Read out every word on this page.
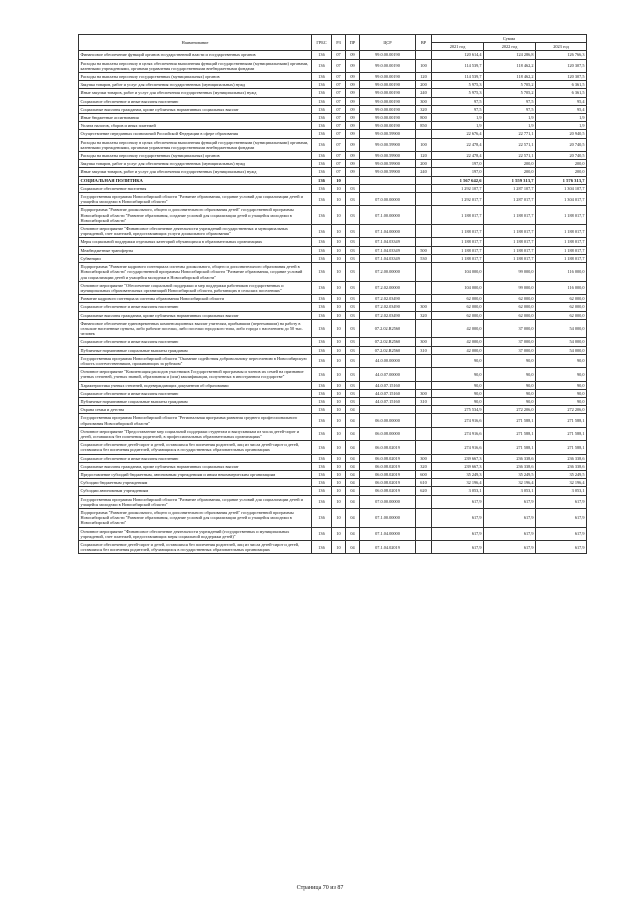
Наименование	ГРБС	РЗ	ПР	ЦСР	ВР	Сумма		
						2021 год	2022 год	2023 год
Финансовое обеспечение функций органов государственной власти и государственных органов	136	07	09	99.0.00.00190		120 614,4	124 286,8	126 766,3
Расходы на выплаты персоналу в целях обеспечения выполнения функций государственными (муниципальными) органами, казенными учреждениями, органами управления государственными внебюджетными фондами	136	07	09	99.0.00.00190	100	114 539,7	118 462,2	120 307,5
Расходы на выплаты персоналу государственных (муниципальных) органов	136	07	09	99.0.00.00190	120	114 539,7	118 462,2	120 307,5
Закупка товаров, работ и услуг для обеспечения государственных (муниципальных) нужд	136	07	09	99.0.00.00190	200	5 975,3	5 705,2	6 361,5
Иные закупки товаров, работ и услуг для обеспечения государственных (муниципальных) нужд	136	07	09	99.0.00.00190	240	5 975,3	5 705,2	6 361,5
Социальное обеспечение и иные выплаты населению	136	07	09	99.0.00.00190	300	97,5	97,5	95,4
Социальные выплаты гражданам, кроме публичных нормативных социальных выплат	136	07	09	99.0.00.00190	320	97,5	97,5	95,4
Иные бюджетные ассигнования	136	07	09	99.0.00.00190	800	1,9	1,9	1,9
Уплата налогов, сборов и иных платежей	136	07	09	99.0.00.00190	850	1,9	1,9	1,9
Осуществление переданных полномочий Российской Федерации в сфере образования	136	07	09	99.0.00.59900		22 676,4	22 771,1	20 940,5
Расходы на выплаты персоналу в целях обеспечения выполнения функций государственными (муниципальными) органами, казенными учреждениями, органами управления государственными внебюджетными фондами	136	07	09	99.0.00.59900	100	22 478,4	22 571,1	20 740,5
Расходы на выплаты персоналу государственных (муниципальных) органов	136	07	09	99.0.00.59900	120	22 478,4	22 571,1	20 740,5
Закупка товаров, работ и услуг для обеспечения государственных (муниципальных) нужд	136	07	09	99.0.00.59900	200	197,0	200,0	200,0
Иные закупки товаров, работ и услуг для обеспечения государственных (муниципальных) нужд	136	07	09	99.0.00.59900	240	197,0	200,0	200,0
СОЦИАЛЬНАЯ ПОЛИТИКА	136	10				1 567 642,6	1 559 313,7	1 576 313,7
Социальное обеспечение населения	136	10	03			1 292 107,7	1 287 107,7	1 304 107,7
Государственная программа Новосибирской области "Развитие образования, создание условий для социализации детей и учащейся молодежи в Новосибирской области"	136	10	03	07.0.00.00000		1 292 017,7	1 287 017,7	1 304 017,7
Подпрограмма "Развитие дошкольного, общего и дополнительного образования детей" государственной программы Новосибирской области "Развитие образования, создание условий для социализации детей и учащейся молодежи в Новосибирской области"	136	10	03	07.1.00.00000		1 188 017,7	1 188 017,7	1 188 017,7
Основное мероприятие "Финансовое обеспечение деятельности учреждений государственных и муниципальных учреждений, счет платежей, предоставляющих услуги дошкольного образования"	136	10	03	07.1.04.00000		1 188 017,7	1 188 017,7	1 188 017,7
Меры социальной поддержки отдельных категорий обучающихся в образовательных организациях	136	10	03	07.1.04.03349		1 188 017,7	1 188 017,7	1 188 017,7
Межбюджетные трансферты	136	10	03	07.1.04.03349	500	1 188 017,7	1 188 017,7	1 188 017,7
Субвенции	136	10	03	07.1.04.03349	530	1 188 017,7	1 188 017,7	1 188 017,7
Подпрограмма "Развитие кадрового потенциала системы дошкольного, общего и дополнительного образования детей в Новосибирской области" государственной программы Новосибирской области "Развитие образования, создание условий для социализации детей и учащейся молодежи в Новосибирской области"	136	10	03	07.2.00.00000		104 000,0	99 000,0	116 000,0
Основное мероприятие "Обеспечение социальной поддержки и мер поддержки работников государственных и муниципальных образовательных организаций Новосибирской области, работающих в сельских поселениях"	136	10	03	07.2.02.00000		104 000,0	99 000,0	116 000,0
Развитие кадрового потенциала системы образования Новосибирской области	136	10	03	07.2.02.03490		62 000,0	62 000,0	62 000,0
Социальное обеспечение и иные выплаты населению	136	10	03	07.2.02.03490	300	62 000,0	62 000,0	62 000,0
Социальные выплаты гражданам, кроме публичных нормативных социальных выплат	136	10	03	07.2.02.03490	320	62 000,0	62 000,0	62 000,0
Финансовое обеспечение единовременных компенсационных выплат учителям, прибывшим (переехавшим) на работу в сельские населенные пункты, либо рабочие поселки, либо поселки городского типа, либо города с населением до 50 тыс. человек	136	10	03	07.2.02.R2560		42 000,0	37 000,0	54 000,0
Социальное обеспечение и иные выплаты населению	136	10	03	07.2.02.R2560	300	42 000,0	37 000,0	54 000,0
Публичные нормативные социальные выплаты гражданам	136	10	03	07.2.02.R2560	310	42 000,0	37 000,0	54 000,0
Государственная программа Новосибирской области "Оказание содействия добровольному переселению в Новосибирскую область соотечественников, проживающих за рубежом"	136	10	03	44.0.00.00000		90,0	90,0	90,0
Основное мероприятие "Компенсация расходов участников Государственной программы и членов их семей на признание ученых степеней, ученых званий, образования и (или) квалификации, полученных в иностранном государстве"	136	10	03	44.0.07.00000		90,0	90,0	90,0
Характеристика ученых степеней, подтверждающих документов об образовании	136	10	03	44.0.07.15160		90,0	90,0	90,0
Социальное обеспечение и иные выплаты населению	136	10	03	44.0.07.15160	300	90,0	90,0	90,0
Публичные нормативные социальные выплаты гражданам	136	10	03	44.0.07.15160	310	90,0	90,0	90,0
Охрана семьи и детства	136	10	04			275 534,9	272 206,0	272 206,0
Государственная программа Новосибирской области "Региональная программа развития среднего профессионального образования Новосибирской области"	136	10	04	06.0.00.00000		274 916,6	271 588,1	271 588,1
Основное мероприятие "Предоставление мер социальной поддержки студентам и выпускникам из числа детей-сирот и детей, оставшихся без попечения родителей, в профессиональных образовательных организациях"	136	10	04	06.0.08.00000		274 916,6	271 588,1	271 588,1
Социальное обеспечение детей-сирот и детей, оставшихся без попечения родителей, лиц из числа детей-сирот и детей, оставшихся без попечения родителей, обучающихся в государственных образовательных организациях	136	10	04	06.0.08.02019		274 916,6	271 588,1	271 588,1
Социальное обеспечение и иные выплаты населению	136	10	04	06.0.08.02019	300	239 667,3	236 338,6	236 338,6
Социальные выплаты гражданам, кроме публичных нормативных социальных выплат	136	10	04	06.0.08.02019	320	239 667,3	236 338,6	236 338,6
Предоставление субсидий бюджетным, автономным учреждениям и иным некоммерческим организациям	136	10	04	06.0.08.02019	600	35 249,3	35 249,5	35 249,5
Субсидии бюджетным учреждениям	136	10	04	06.0.08.02019	610	32 196,4	32 196,4	32 196,4
Субсидии автономным учреждениям	136	10	04	06.0.08.02019	620	3 053,1	3 053,1	3 053,1
Государственная программа Новосибирской области "Развитие образования, создание условий для социализации детей и учащейся молодежи в Новосибирской области"	136	10	04	07.0.00.00000		617,9	617,9	617,9
Подпрограмма "Развитие дошкольного, общего и дополнительного образования детей" государственной программы Новосибирской области "Развитие образования, создание условий для социализации детей и учащейся молодежи в Новосибирской области"	136	10	04	07.1.00.00000		617,9	617,9	617,9
Основное мероприятие "Финансовое обеспечение деятельности учреждений (государственных и муниципальных учреждений, счет платежей, предоставляющих меры социальной поддержки детей)"	136	10	04	07.1.04.00000		617,9	617,9	617,9
Социальное обеспечение детей-сирот и детей, оставшихся без попечения родителей, лиц из числа детей-сирот и детей, оставшихся без попечения родителей, обучающихся в государственных образовательных организациях	136	10	04	07.1.04.02019		617,9	617,9	617,9
Страница 70 из 87
